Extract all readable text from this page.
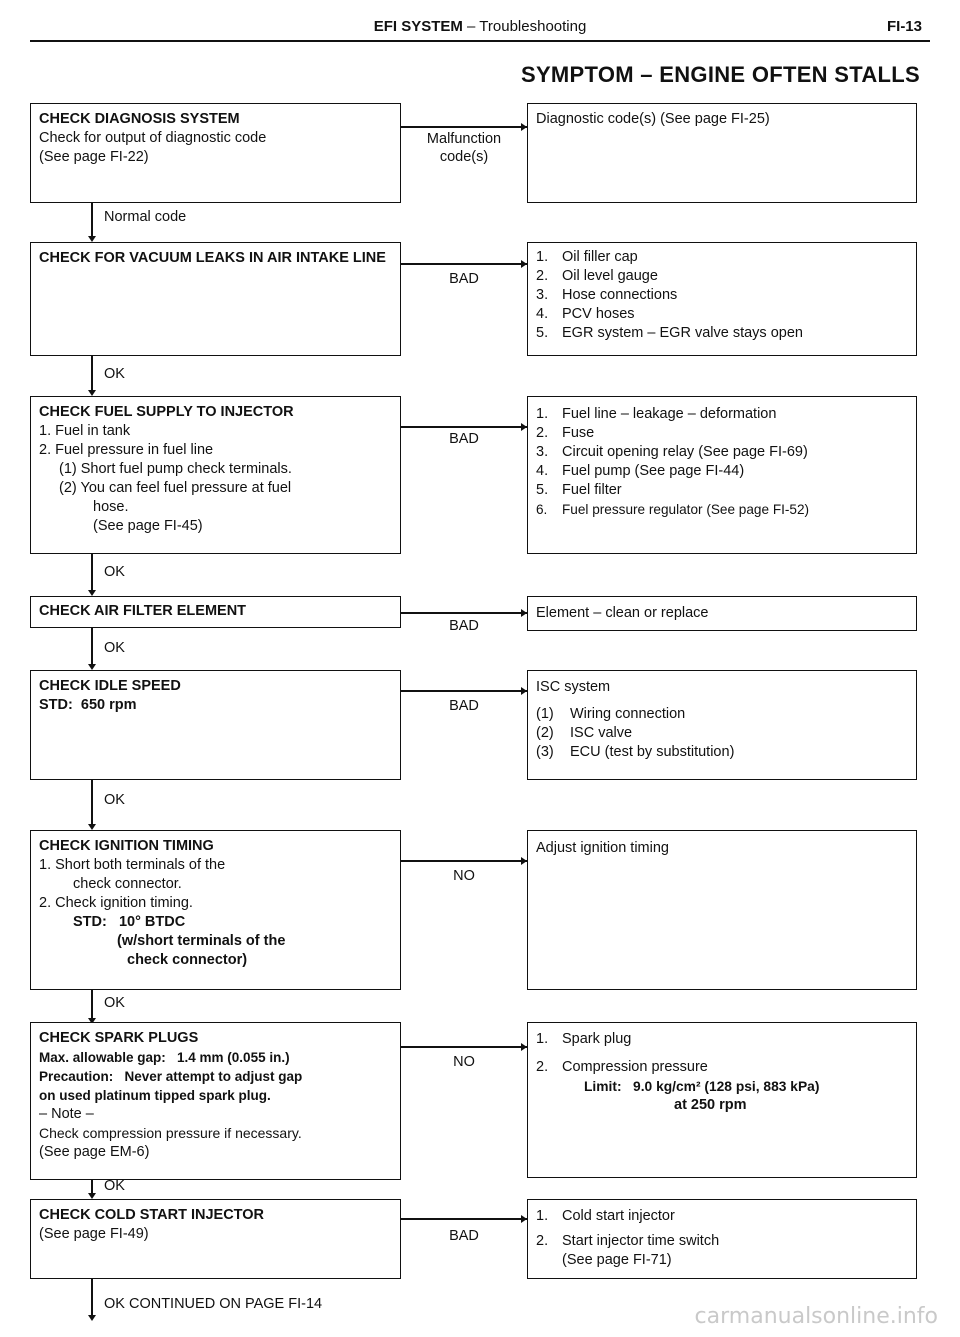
EFI SYSTEM – Troubleshooting	FI-13
SYMPTOM – ENGINE OFTEN STALLS
CHECK DIAGNOSIS SYSTEM
Check for output of diagnostic code
(See page FI-22)
Malfunction code(s)
Diagnostic code(s) (See page FI-25)
Normal code
CHECK FOR VACUUM LEAKS IN AIR INTAKE LINE
BAD
1. Oil filler cap
2. Oil level gauge
3. Hose connections
4. PCV hoses
5. EGR system – EGR valve stays open
OK
CHECK FUEL SUPPLY TO INJECTOR
1. Fuel in tank
2. Fuel pressure in fuel line
(1) Short fuel pump check terminals.
(2) You can feel fuel pressure at fuel
hose.
(See page FI-45)
BAD
1. Fuel line – leakage – deformation
2. Fuse
3. Circuit opening relay (See page FI-69)
4. Fuel pump (See page FI-44)
5. Fuel filter
6.	Fuel pressure regulator (See page FI-52)
OK
CHECK AIR FILTER ELEMENT
BAD
Element – clean or replace
OK
CHECK IDLE SPEED
STD: 650 rpm	BAD
ISC system
(1)	Wiring connection
(2)	ISC valve
(3)	ECU (test by substitution)
OK
CHECK IGNITION TIMING
1. Short both terminals of the
check connector.
2. Check ignition timing.
STD: 10° BTDC
(w/short terminals of the
check connector)
NO
Adjust ignition timing
OK
CHECK SPARK PLUGS
Max. allowable gap:   1.4 mm (0.055 in.)
Precaution:   Never attempt to adjust gap
on used platinum tipped spark plug.
– Note –
Check compression pressure if necessary.
(See page EM-6)
NO
1. Spark plug
2. Compression pressure
Limit:   9.0 kg/cm² (128 psi, 883 kPa)
at 250 rpm
OK
CHECK COLD START INJECTOR
(See page FI-49)	BAD
1. Cold start injector
2. Start injector time switch
(See page FI-71)
OK CONTINUED ON PAGE FI-14	carmanualsonline.info
